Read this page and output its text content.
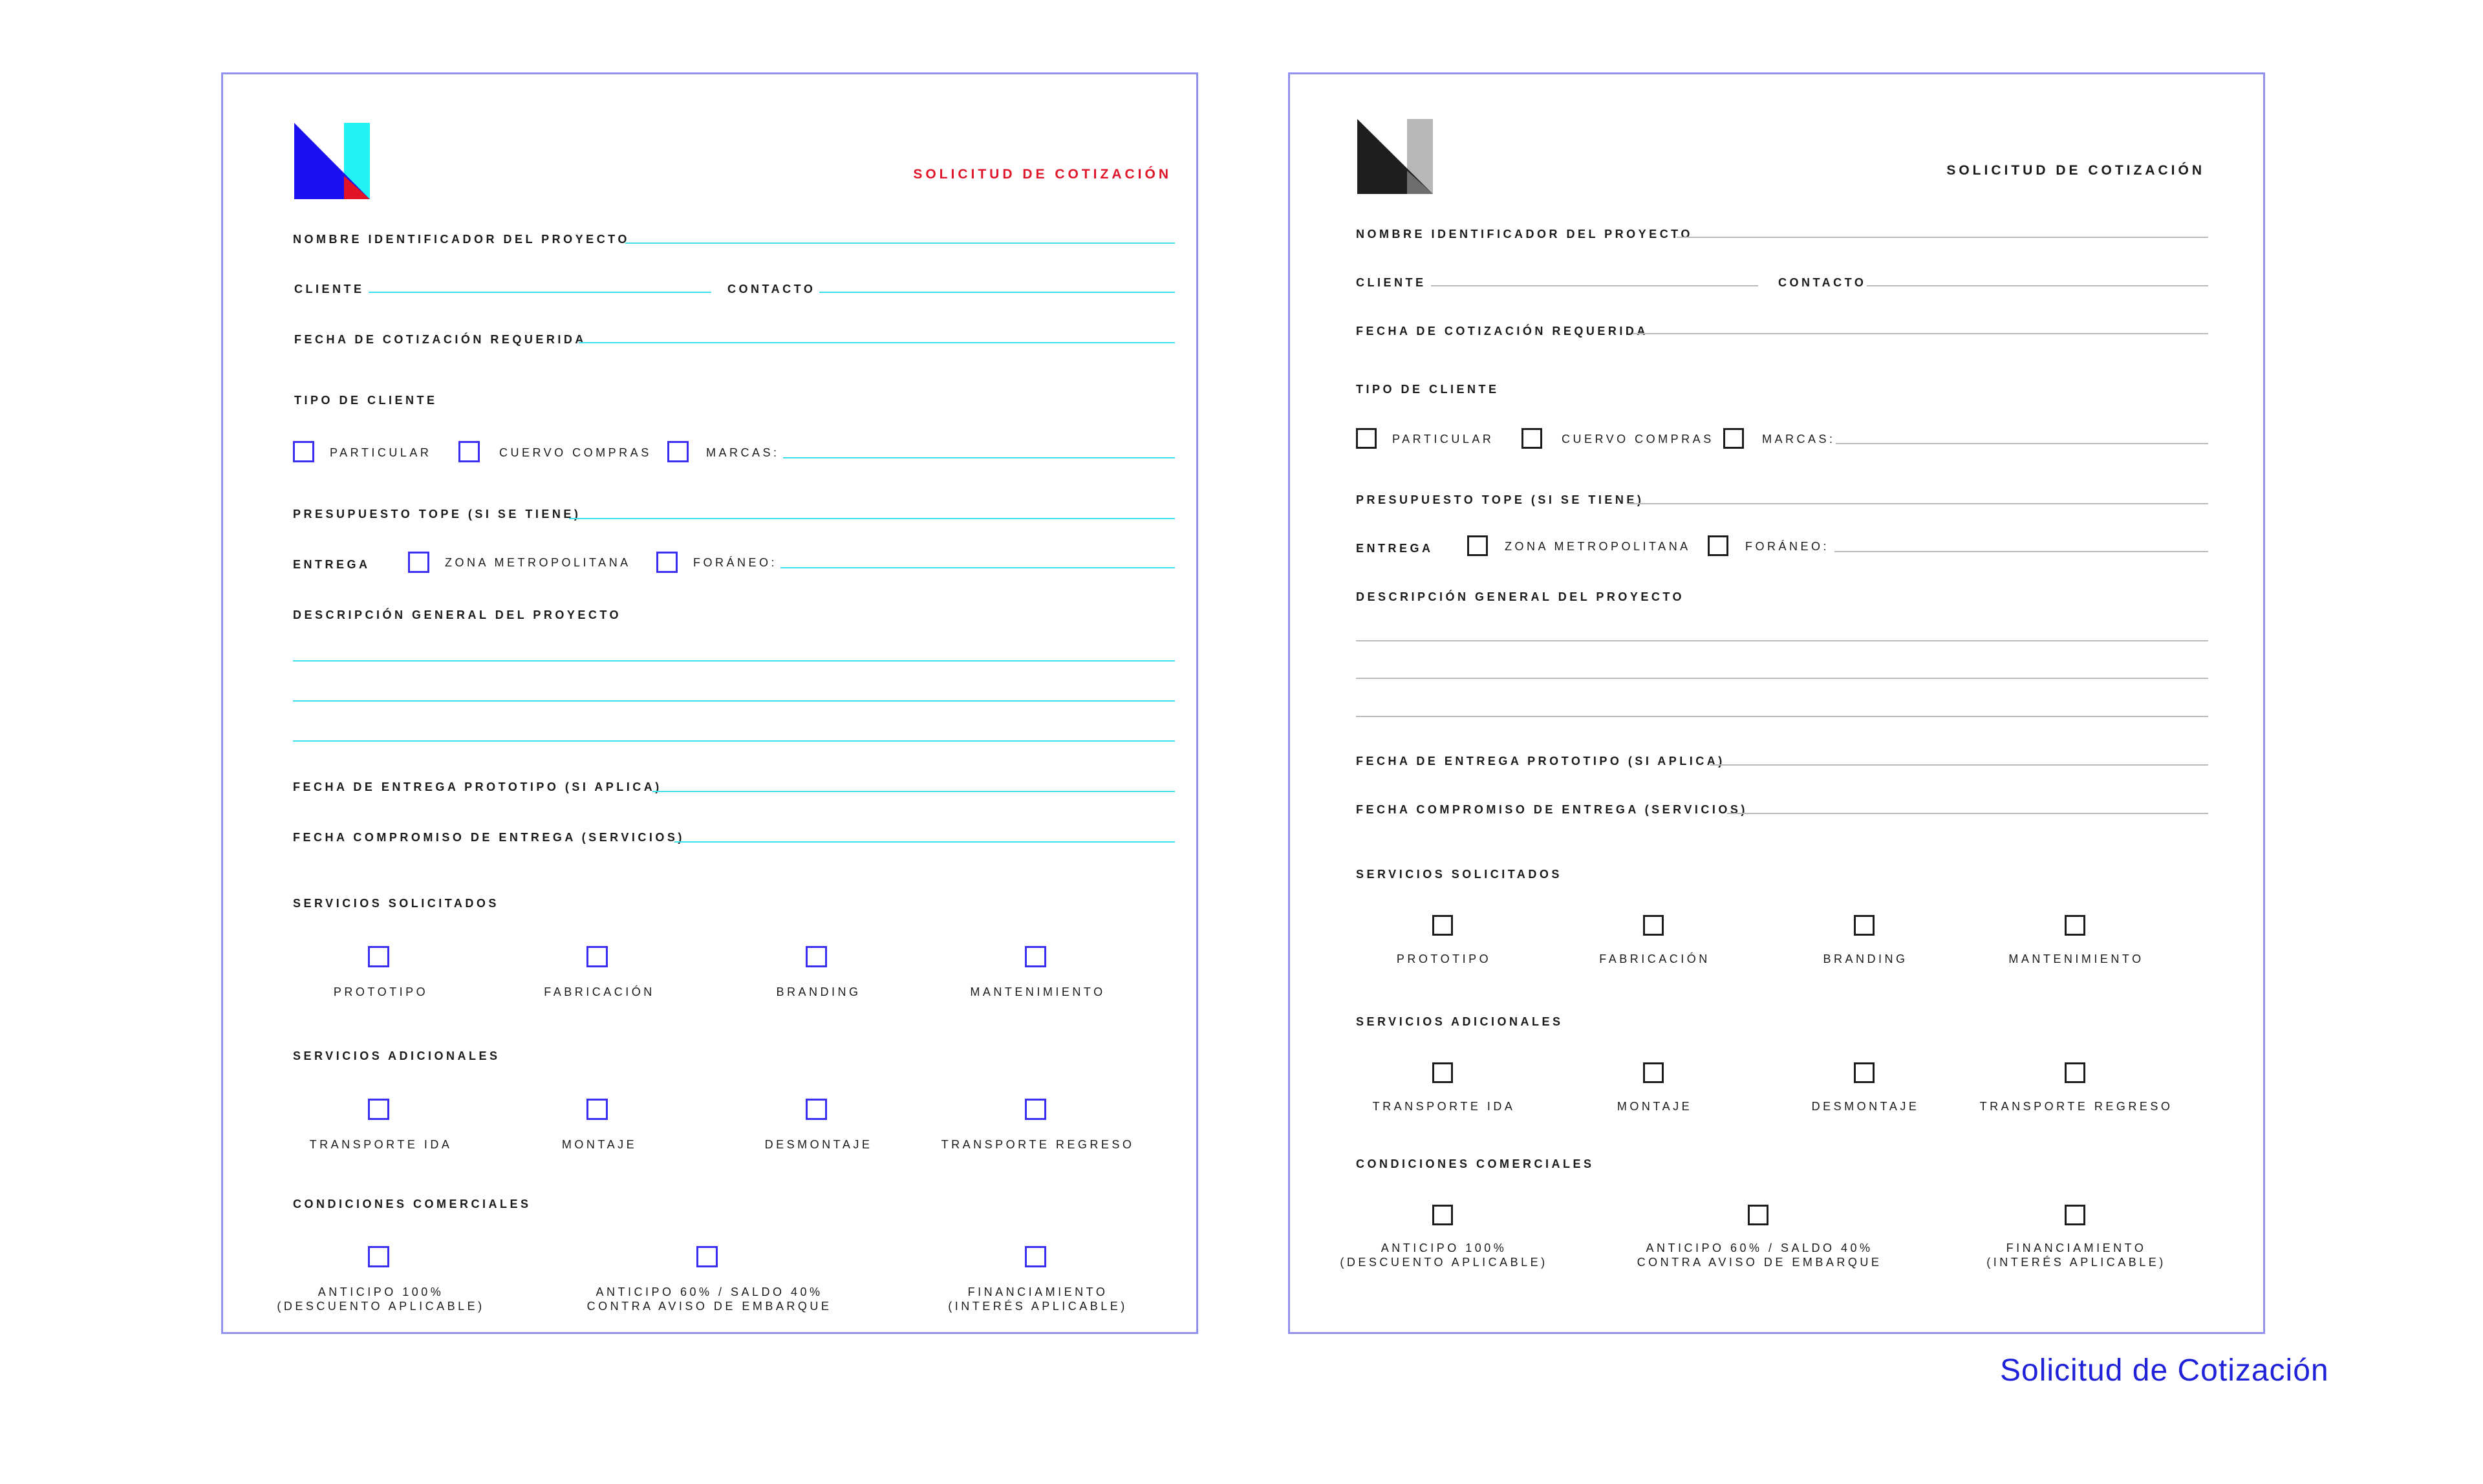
SOLICITUD DE COTIZACIÓN
NOMBRE IDENTIFICADOR DEL PROYECTO
CLIENTE	CONTACTO
FECHA DE COTIZACIÓN REQUERIDA
TIPO DE CLIENTE
PARTICULAR	CUERVO COMPRAS	MARCAS:
PRESUPUESTO TOPE (SI SE TIENE)
ENTREGA	ZONA METROPOLITANA	FORÁNEO:
DESCRIPCIÓN GENERAL DEL PROYECTO
FECHA DE ENTREGA PROTOTIPO (SI APLICA)
FECHA COMPROMISO DE ENTREGA (SERVICIOS)
SERVICIOS SOLICITADOS
PROTOTIPO	FABRICACIÓN	BRANDING	MANTENIMIENTO
SERVICIOS ADICIONALES
TRANSPORTE IDA	MONTAJE	DESMONTAJE	TRANSPORTE REGRESO
CONDICIONES COMERCIALES
ANTICIPO 100%
(DESCUENTO APLICABLE)
ANTICIPO 60% / SALDO 40%
CONTRA AVISO DE EMBARQUE
FINANCIAMIENTO
(INTERÉS APLICABLE)
SOLICITUD DE COTIZACIÓN
NOMBRE IDENTIFICADOR DEL PROYECTO
CLIENTE	CONTACTO
FECHA DE COTIZACIÓN REQUERIDA
TIPO DE CLIENTE
PARTICULAR	CUERVO COMPRAS	MARCAS:
PRESUPUESTO TOPE (SI SE TIENE)
ENTREGA	ZONA METROPOLITANA	FORÁNEO:
DESCRIPCIÓN GENERAL DEL PROYECTO
FECHA DE ENTREGA PROTOTIPO (SI APLICA)
FECHA COMPROMISO DE ENTREGA (SERVICIOS)
SERVICIOS SOLICITADOS
PROTOTIPO	FABRICACIÓN	BRANDING	MANTENIMIENTO
SERVICIOS ADICIONALES
TRANSPORTE IDA	MONTAJE	DESMONTAJE	TRANSPORTE REGRESO
CONDICIONES COMERCIALES
ANTICIPO 100%
(DESCUENTO APLICABLE)
ANTICIPO 60% / SALDO 40%
CONTRA AVISO DE EMBARQUE
FINANCIAMIENTO
(INTERÉS APLICABLE)
Solicitud de Cotización
